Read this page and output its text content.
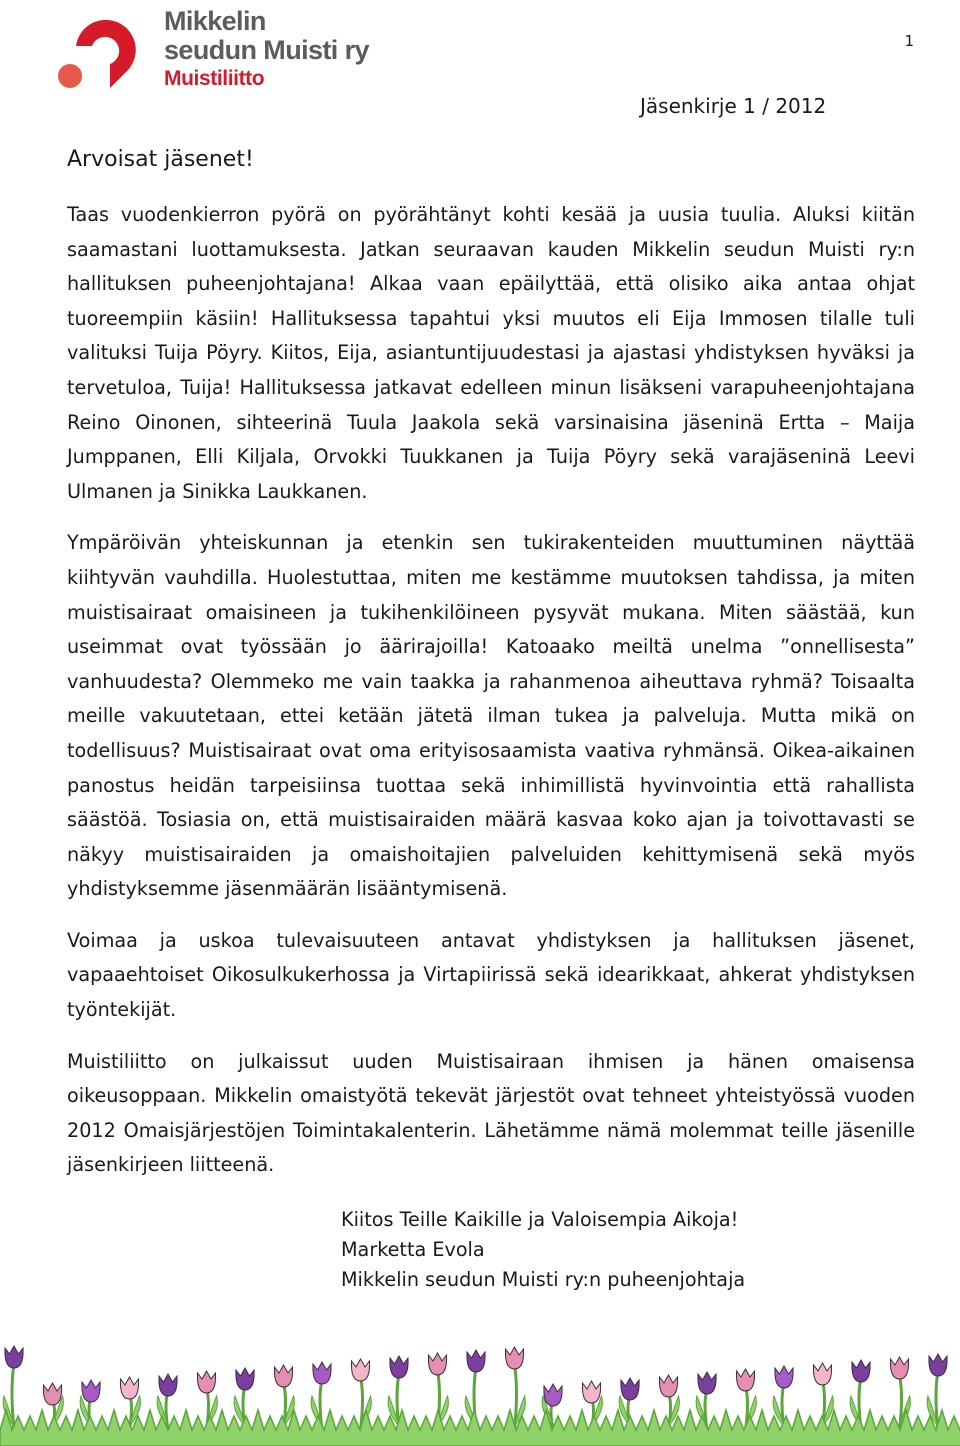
Mikkelin
seudun Muisti ry
Muistiliitto
1
Jäsenkirje 1 / 2012
Arvoisat jäsenet!

Taas vuodenkierron pyörä on pyörähtänyt kohti kesää ja uusia tuulia. Aluksi kiitän saamastani luottamuksesta. Jatkan seuraavan kauden Mikkelin seudun Muisti ry:n hallituksen puheenjohtajana! Alkaa vaan epäilyttää, että olisiko aika antaa ohjat tuoreempiin käsiin! Hallituksessa tapahtui yksi muutos eli Eija Immosen tilalle tuli valituksi Tuija Pöyry. Kiitos, Eija, asiantuntijuudestasi ja ajastasi yhdistyksen hyväksi ja tervetuloa, Tuija! Hallituksessa jatkavat edelleen minun lisäkseni varapuheenjohtajana Reino Oinonen, sihteerinä Tuula Jaakola sekä varsinaisina jäseninä Ertta – Maija Jumppanen, Elli Kiljala, Orvokki Tuukkanen ja Tuija Pöyry sekä varajäseninä Leevi Ulmanen ja Sinikka Laukkanen.

Ympäröivän yhteiskunnan ja etenkin sen tukirakenteiden muuttuminen näyttää kiihtyvän vauhdilla. Huolestuttaa, miten me kestämme muutoksen tahdissa, ja miten muistisairaat omaisineen ja tukihenkilöineen pysyvät mukana. Miten säästää, kun useimmat ovat työssään jo äärirajoilla! Katoaako meiltä unelma ”onnellisesta” vanhuudesta? Olemmeko me vain taakka ja rahanmenoa aiheuttava ryhmä? Toisaalta meille vakuutetaan, ettei ketään jätetä ilman tukea ja palveluja. Mutta mikä on todellisuus? Muistisairaat ovat oma erityisosaamista vaativa ryhmänsä. Oikea-aikainen panostus heidän tarpeisiinsa tuottaa sekä inhimillistä hyvinvointia että rahallista säästöä. Tosiasia on, että muistisairaiden määrä kasvaa koko ajan ja toivottavasti se näkyy muistisairaiden ja omaishoitajien palveluiden kehittymisenä sekä myös yhdistyksemme jäsenmäärän lisääntymisenä.

Voimaa ja uskoa tulevaisuuteen antavat yhdistyksen ja hallituksen jäsenet, vapaaehtoiset Oikosulkukerhossa ja Virtapiirissä sekä idearikkaat, ahkerat yhdistyksen työntekijät.

Muistiliitto on julkaissut uuden Muistisairaan ihmisen ja hänen omaisensa oikeusoppaan. Mikkelin omaistyötä tekevät järjestöt ovat tehneet yhteistyössä vuoden 2012 Omaisjärjestöjen Toimintakalenterin. Lähetämme nämä molemmat teille jäsenille jäsenkirjeen liitteenä.

Kiitos Teille Kaikille ja Valoisempia Aikoja!
Marketta Evola
Mikkelin seudun Muisti ry:n puheenjohtaja
